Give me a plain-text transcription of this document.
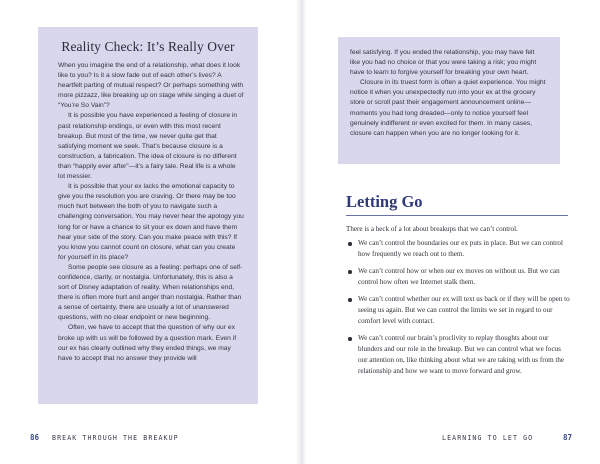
Reality Check: It’s Really Over

When you imagine the end of a relationship, what does it look like to you? Is it a slow fade out of each other’s lives? A heartfelt parting of mutual respect? Or perhaps something with more pizzazz, like breaking up on stage while singing a duet of “You’re So Vain”?

It is possible you have experienced a feeling of closure in past relationship endings, or even with this most recent breakup. But most of the time, we never quite get that satisfying moment we seek. That’s because closure is a construction, a fabrication. The idea of closure is no different than “happily ever after”—it’s a fairy tale. Real life is a whole lot messier.

It is possible that your ex lacks the emotional capacity to give you the resolution you are craving. Or there may be too much hurt between the both of you to navigate such a challenging conversation. You may never hear the apology you long for or have a chance to sit your ex down and have them hear your side of the story. Can you make peace with this? If you know you cannot count on closure, what can you create for yourself in its place?

Some people see closure as a feeling: perhaps one of self-confidence, clarity, or nostalgia. Unfortunately, this is also a sort of Disney adaptation of reality. When relationships end, there is often more hurt and anger than nostalgia. Rather than a sense of certainty, there are usually a lot of unanswered questions, with no clear endpoint or new beginning.

Often, we have to accept that the question of why our ex broke up with us will be followed by a question mark. Even if our ex has clearly outlined why they ended things, we may have to accept that no answer they provide will

86 BREAK THROUGH THE BREAKUP

feel satisfying. If you ended the relationship, you may have felt like you had no choice or that you were taking a risk; you might have to learn to forgive yourself for breaking your own heart.

Closure in its truest form is often a quiet experience. You might notice it when you unexpectedly run into your ex at the grocery store or scroll past their engagement announcement online—moments you had long dreaded—only to notice yourself feel genuinely indifferent or even excited for them. In many cases, closure can happen when you are no longer looking for it.

Letting Go

There is a heck of a lot about breakups that we can’t control.

We can’t control the boundaries our ex puts in place. But we can control how frequently we reach out to them.
We can’t control how or when our ex moves on without us. But we can control how often we Internet stalk them.
We can’t control whether our ex will text us back or if they will be open to seeing us again. But we can control the limits we set in regard to our comfort level with contact.
We can’t control our brain’s proclivity to replay thoughts about our blunders and our role in the breakup. But we can control what we focus our attention on, like thinking about what we are taking with us from the relationship and how we want to move forward and grow.
LEARNING TO LET GO	87
